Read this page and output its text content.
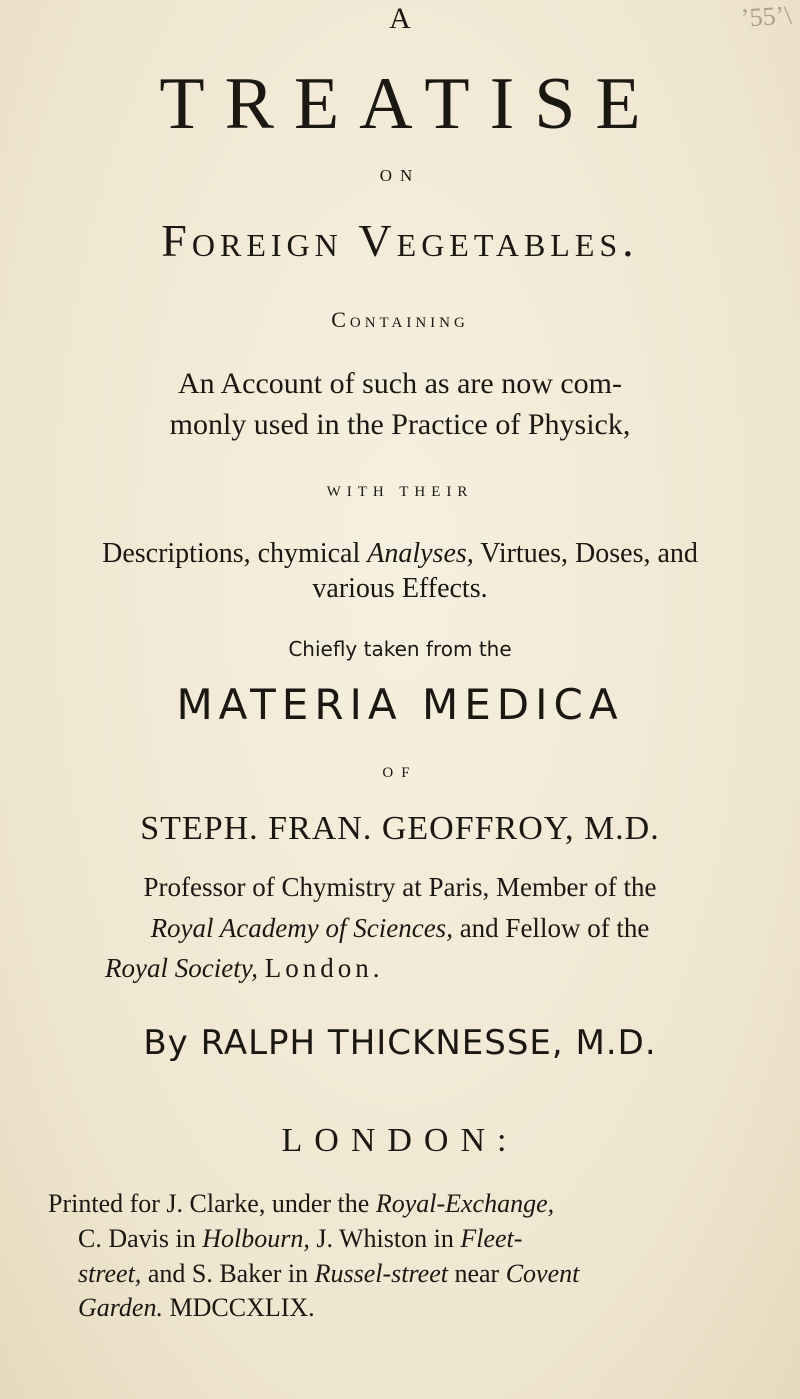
ʼ55ʼ\
A
TREATISE
ON
Foreign Vegetables.
Containing
An Account of such as are now com-
monly used in the Practice of Physick,
WITH THEIR
Descriptions, chymical Analyses, Virtues, Doses, and
various Effects.
Chiefly taken from the
MATERIA MEDICA
OF
STEPH. FRAN. GEOFFROY, M.D.
Professor of Chymistry at Paris, Member of the
Royal Academy of Sciences, and Fellow of the
Royal Society, London.
By RALPH THICKNESSE, M.D.
LONDON:
Printed for J. Clarke, under the Royal-Exchange,
C. Davis in Holbourn, J. Whiston in Fleet-
street, and S. Baker in Russel-street near Covent
Garden. MDCCXLIX.
